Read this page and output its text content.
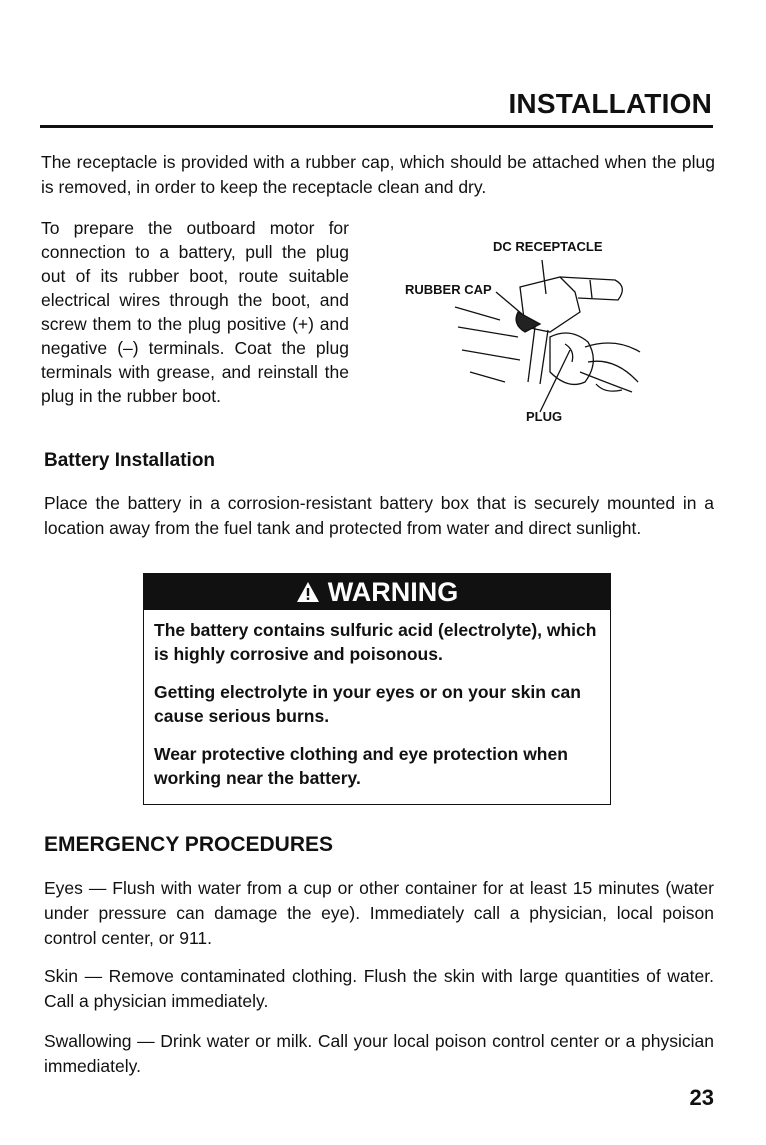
INSTALLATION
The receptacle is provided with a rubber cap, which should be attached when the plug is removed, in order to keep the receptacle clean and dry.
To prepare the outboard motor for connection to a battery, pull the plug out of its rubber boot, route suitable electrical wires through the boot, and screw them to the plug positive (+) and negative (–) terminals. Coat the plug terminals with grease, and reinstall the plug in the rubber boot.
DC RECEPTACLE
RUBBER CAP
PLUG
Battery Installation
Place the battery in a corrosion-resistant battery box that is securely mounted in a location away from the fuel tank and protected from water and direct sunlight.
WARNING

The battery contains sulfuric acid (electrolyte), which is highly corrosive and poisonous.

Getting electrolyte in your eyes or on your skin can cause serious burns.

Wear protective clothing and eye protection when working near the battery.

EMERGENCY PROCEDURES
Eyes — Flush with water from a cup or other container for at least 15 minutes (water under pressure can damage the eye). Immediately call a physician, local poison control center, or 911.
Skin — Remove contaminated clothing. Flush the skin with large quantities of water. Call a physician immediately.
Swallowing — Drink water or milk. Call your local poison control center or a physician immediately.
23
